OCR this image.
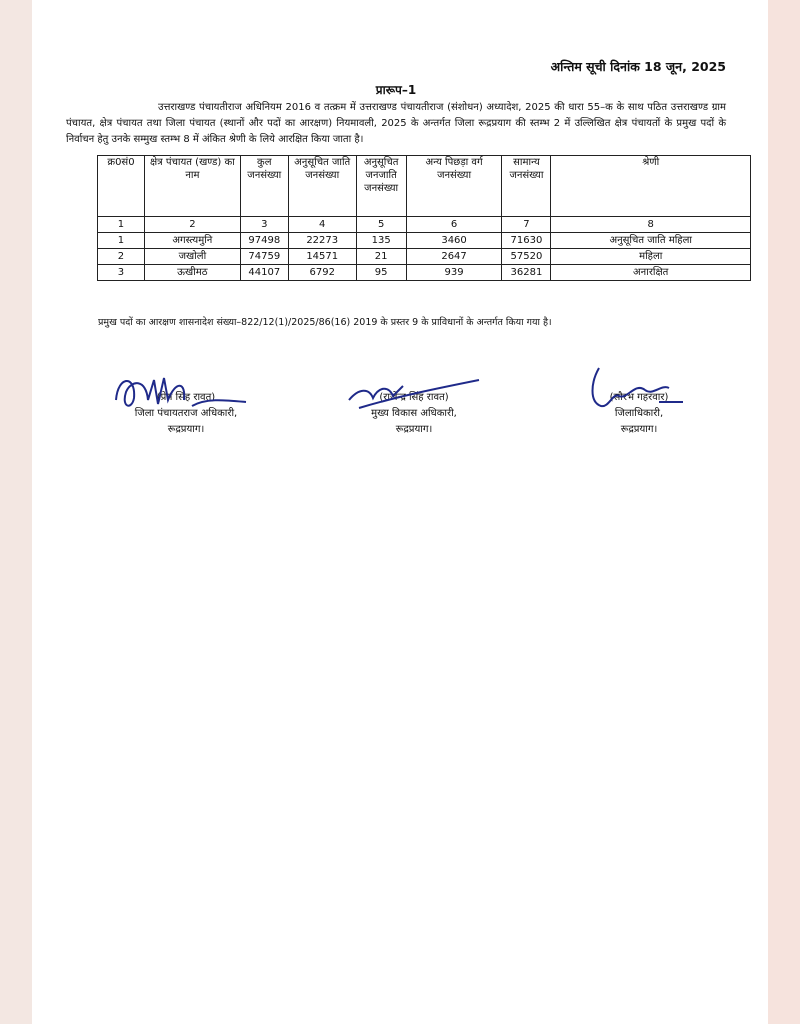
अन्तिम सूची दिनांक 18 जून, 2025
प्रारूप–1
उत्तराखण्ड पंचायतीराज अधिनियम 2016 व तत्क्रम में उत्तराखण्ड पंचायतीराज (संशोधन) अध्यादेश, 2025 की धारा 55–क के साथ पठित उत्तराखण्ड ग्राम पंचायत, क्षेत्र पंचायत तथा जिला पंचायत (स्थानों और पदों का आरक्षण) नियमावली, 2025 के अन्तर्गत जिला रूद्रप्रयाग की स्तम्भ 2 में उल्लिखित क्षेत्र पंचायतों के प्रमुख पदों के निर्वाचन हेतु उनके सम्मुख स्तम्भ 8 में अंकित श्रेणी के लिये आरक्षित किया जाता है।
क्र0सं0	क्षेत्र पंचायत (खण्ड) का नाम	कुल जनसंख्या	अनुसूचित जाति जनसंख्या	अनुसूचित जनजाति जनसंख्या	अन्य पिछड़ा वर्ग जनसंख्या	सामान्य जनसंख्या	श्रेणी
1	2	3	4	5	6	7	8
1	अगस्त्यमुनि	97498	22273	135	3460	71630	अनुसूचित जाति महिला
2	जखोली	74759	14571	21	2647	57520	महिला
3	ऊखीमठ	44107	6792	95	939	36281	अनारक्षित
प्रमुख पदों का आरक्षण शासनादेश संख्या–822/12(1)/2025/86(16) 2019 के प्रस्तर 9 के प्राविधानों के अन्तर्गत किया गया है।
(प्रेम सिंह रावत)
जिला पंचायतराज अधिकारी,
रूद्रप्रयाग।
(राजेन्द्र सिंह रावत)
मुख्य विकास अधिकारी,
रूद्रप्रयाग।
(सौरभ गहरवार)
जिलाधिकारी,
रूद्रप्रयाग।
